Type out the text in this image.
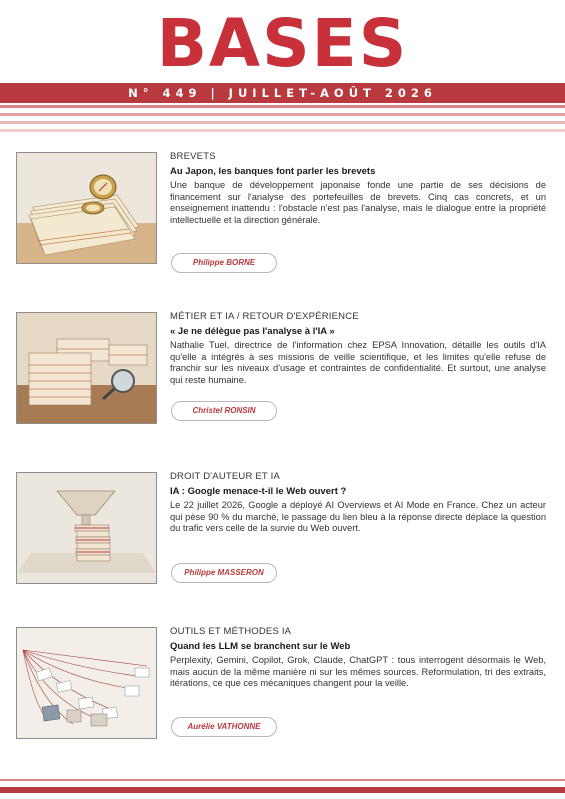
BASES
N° 449 | JUILLET-AOÛT 2026
BREVETS
Au Japon, les banques font parler les brevets
Une banque de développement japonaise fonde une partie de ses décisions de financement sur l'analyse des portefeuilles de brevets. Cinq cas concrets, et un enseignement inattendu : l'obstacle n'est pas l'analyse, mais le dialogue entre la propriété intellectuelle et la direction générale.
Philippe BORNE
MÉTIER ET IA / RETOUR D'EXPÉRIENCE
« Je ne délègue pas l'analyse à l'IA »
Nathalie Tuel, directrice de l'information chez EPSA Innovation, détaille les outils d'IA qu'elle a intégrés à ses missions de veille scientifique, et les limites qu'elle refuse de franchir sur les niveaux d'usage et contraintes de confidentialité. Et surtout, une analyse qui reste humaine.
Christel RONSIN
DROIT D'AUTEUR ET IA
IA : Google menace-t-il le Web ouvert ?
Le 22 juillet 2026, Google a déployé AI Overviews et AI Mode en France. Chez un acteur qui pèse 90 % du marché, le passage du lien bleu à la réponse directe déplace la question du trafic vers celle de la survie du Web ouvert.
Philippe MASSERON
OUTILS ET MÉTHODES IA
Quand les LLM se branchent sur le Web
Perplexity, Gemini, Copilot, Grok, Claude, ChatGPT : tous interrogent désormais le Web, mais aucun de la même manière ni sur les mêmes sources. Reformulation, tri des extraits, itérations, ce que ces mécaniques changent pour la veille.
Aurélie VATHONNE
